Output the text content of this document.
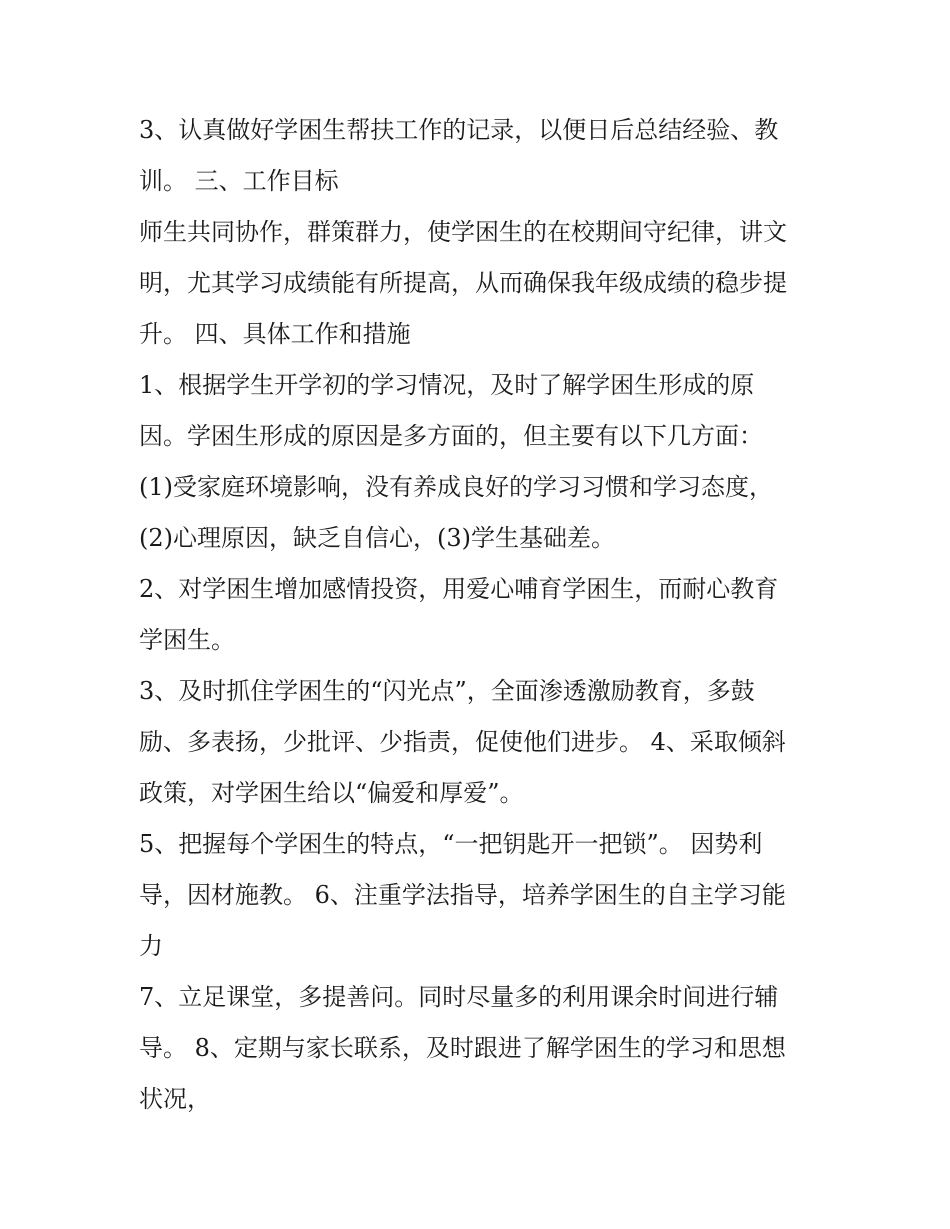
3、认真做好学困生帮扶工作的记录，以便日后总结经验、教
训。 三、工作目标
师生共同协作，群策群力，使学困生的在校期间守纪律，讲文
明，尤其学习成绩能有所提高，从而确保我年级成绩的稳步提
升。 四、具体工作和措施
1、根据学生开学初的学习情况，及时了解学困生形成的原
因。学困生形成的原因是多方面的，但主要有以下几方面：
(1)受家庭环境影响，没有养成良好的学习习惯和学习态度，
(2)心理原因，缺乏自信心，(3)学生基础差。
2、对学困生增加感情投资，用爱心哺育学困生，而耐心教育
学困生。
3、及时抓住学困生的“闪光点”，全面渗透激励教育，多鼓
励、多表扬，少批评、少指责，促使他们进步。 4、采取倾斜
政策，对学困生给以“偏爱和厚爱”。
5、把握每个学困生的特点，“一把钥匙开一把锁”。 因势利
导，因材施教。 6、注重学法指导，培养学困生的自主学习能
力
7、立足课堂，多提善问。同时尽量多的利用课余时间进行辅
导。 8、定期与家长联系，及时跟进了解学困生的学习和思想
状况，
